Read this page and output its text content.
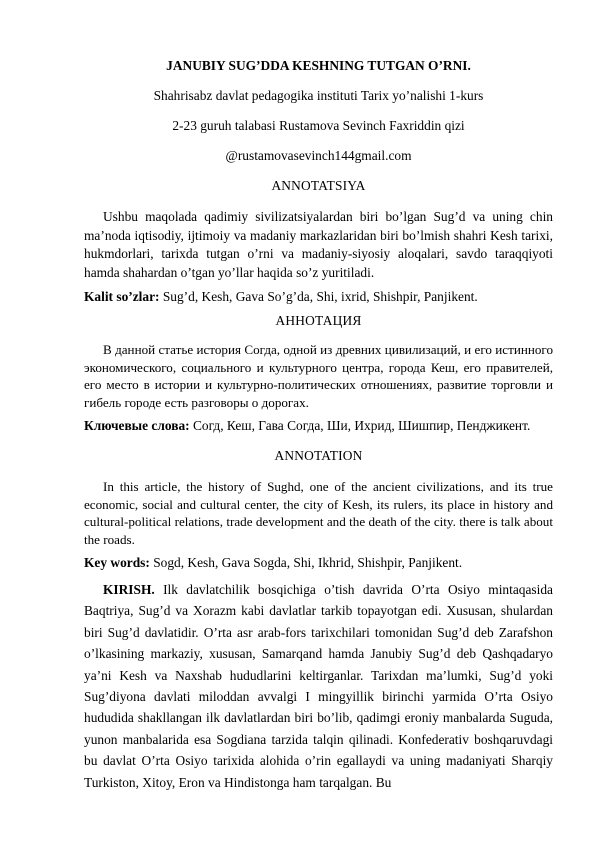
JANUBIY SUG’DDA KESHNING TUTGAN O’RNI.

Shahrisabz davlat pedagogika instituti Tarix yo’nalishi 1-kurs

2-23 guruh talabasi Rustamova Sevinch Faxriddin qizi

@rustamovasevinch144gmail.com

ANNOTATSIYA

Ushbu maqolada qadimiy sivilizatsiyalardan biri bo’lgan Sug’d va uning chin ma’noda iqtisodiy, ijtimoiy va madaniy markazlaridan biri bo’lmish shahri Kesh tarixi, hukmdorlari, tarixda tutgan o’rni va madaniy-siyosiy aloqalari, savdo taraqqiyoti hamda shahardan o’tgan yo’llar haqida so’z yuritiladi.

Kalit so’zlar: Sug’d, Kesh, Gava So’g’da, Shi, ixrid, Shishpir, Panjikent.

АННОТАЦИЯ

В данной статье история Согда, одной из древних цивилизаций, и его истинного экономического, социального и культурного центра, города Кеш, его правителей, его место в истории и культурно-политических отношениях, развитие торговли и гибель городе есть разговоры о дорогах.

Ключевые слова: Согд, Кеш, Гава Согда, Ши, Ихрид, Шишпир, Пенджикент.

ANNOTATION

In this article, the history of Sughd, one of the ancient civilizations, and its true economic, social and cultural center, the city of Kesh, its rulers, its place in history and cultural-political relations, trade development and the death of the city. there is talk about the roads.

Key words: Sogd, Kesh, Gava Sogda, Shi, Ikhrid, Shishpir, Panjikent.

KIRISH. Ilk davlatchilik bosqichiga o’tish davrida O’rta Osiyo mintaqasida Baqtriya, Sug’d va Xorazm kabi davlatlar tarkib topayotgan edi. Xususan, shulardan biri Sug’d davlatidir. O’rta asr arab-fors tarixchilari tomonidan Sug’d deb Zarafshon o’lkasining markaziy, xususan, Samarqand hamda Janubiy Sug’d deb Qashqadaryo ya’ni Kesh va Naxshab hududlarini keltirganlar. Tarixdan ma’lumki, Sug’d yoki Sug’diyona davlati miloddan avvalgi I mingyillik birinchi yarmida O’rta Osiyo hududida shakllangan ilk davlatlardan biri bo’lib, qadimgi eroniy manbalarda Suguda, yunon manbalarida esa Sogdiana tarzida talqin qilinadi. Konfederativ boshqaruvdagi bu davlat O’rta Osiyo tarixida alohida o’rin egallaydi va uning madaniyati Sharqiy Turkiston, Xitoy, Eron va Hindistonga ham tarqalgan. Bu
